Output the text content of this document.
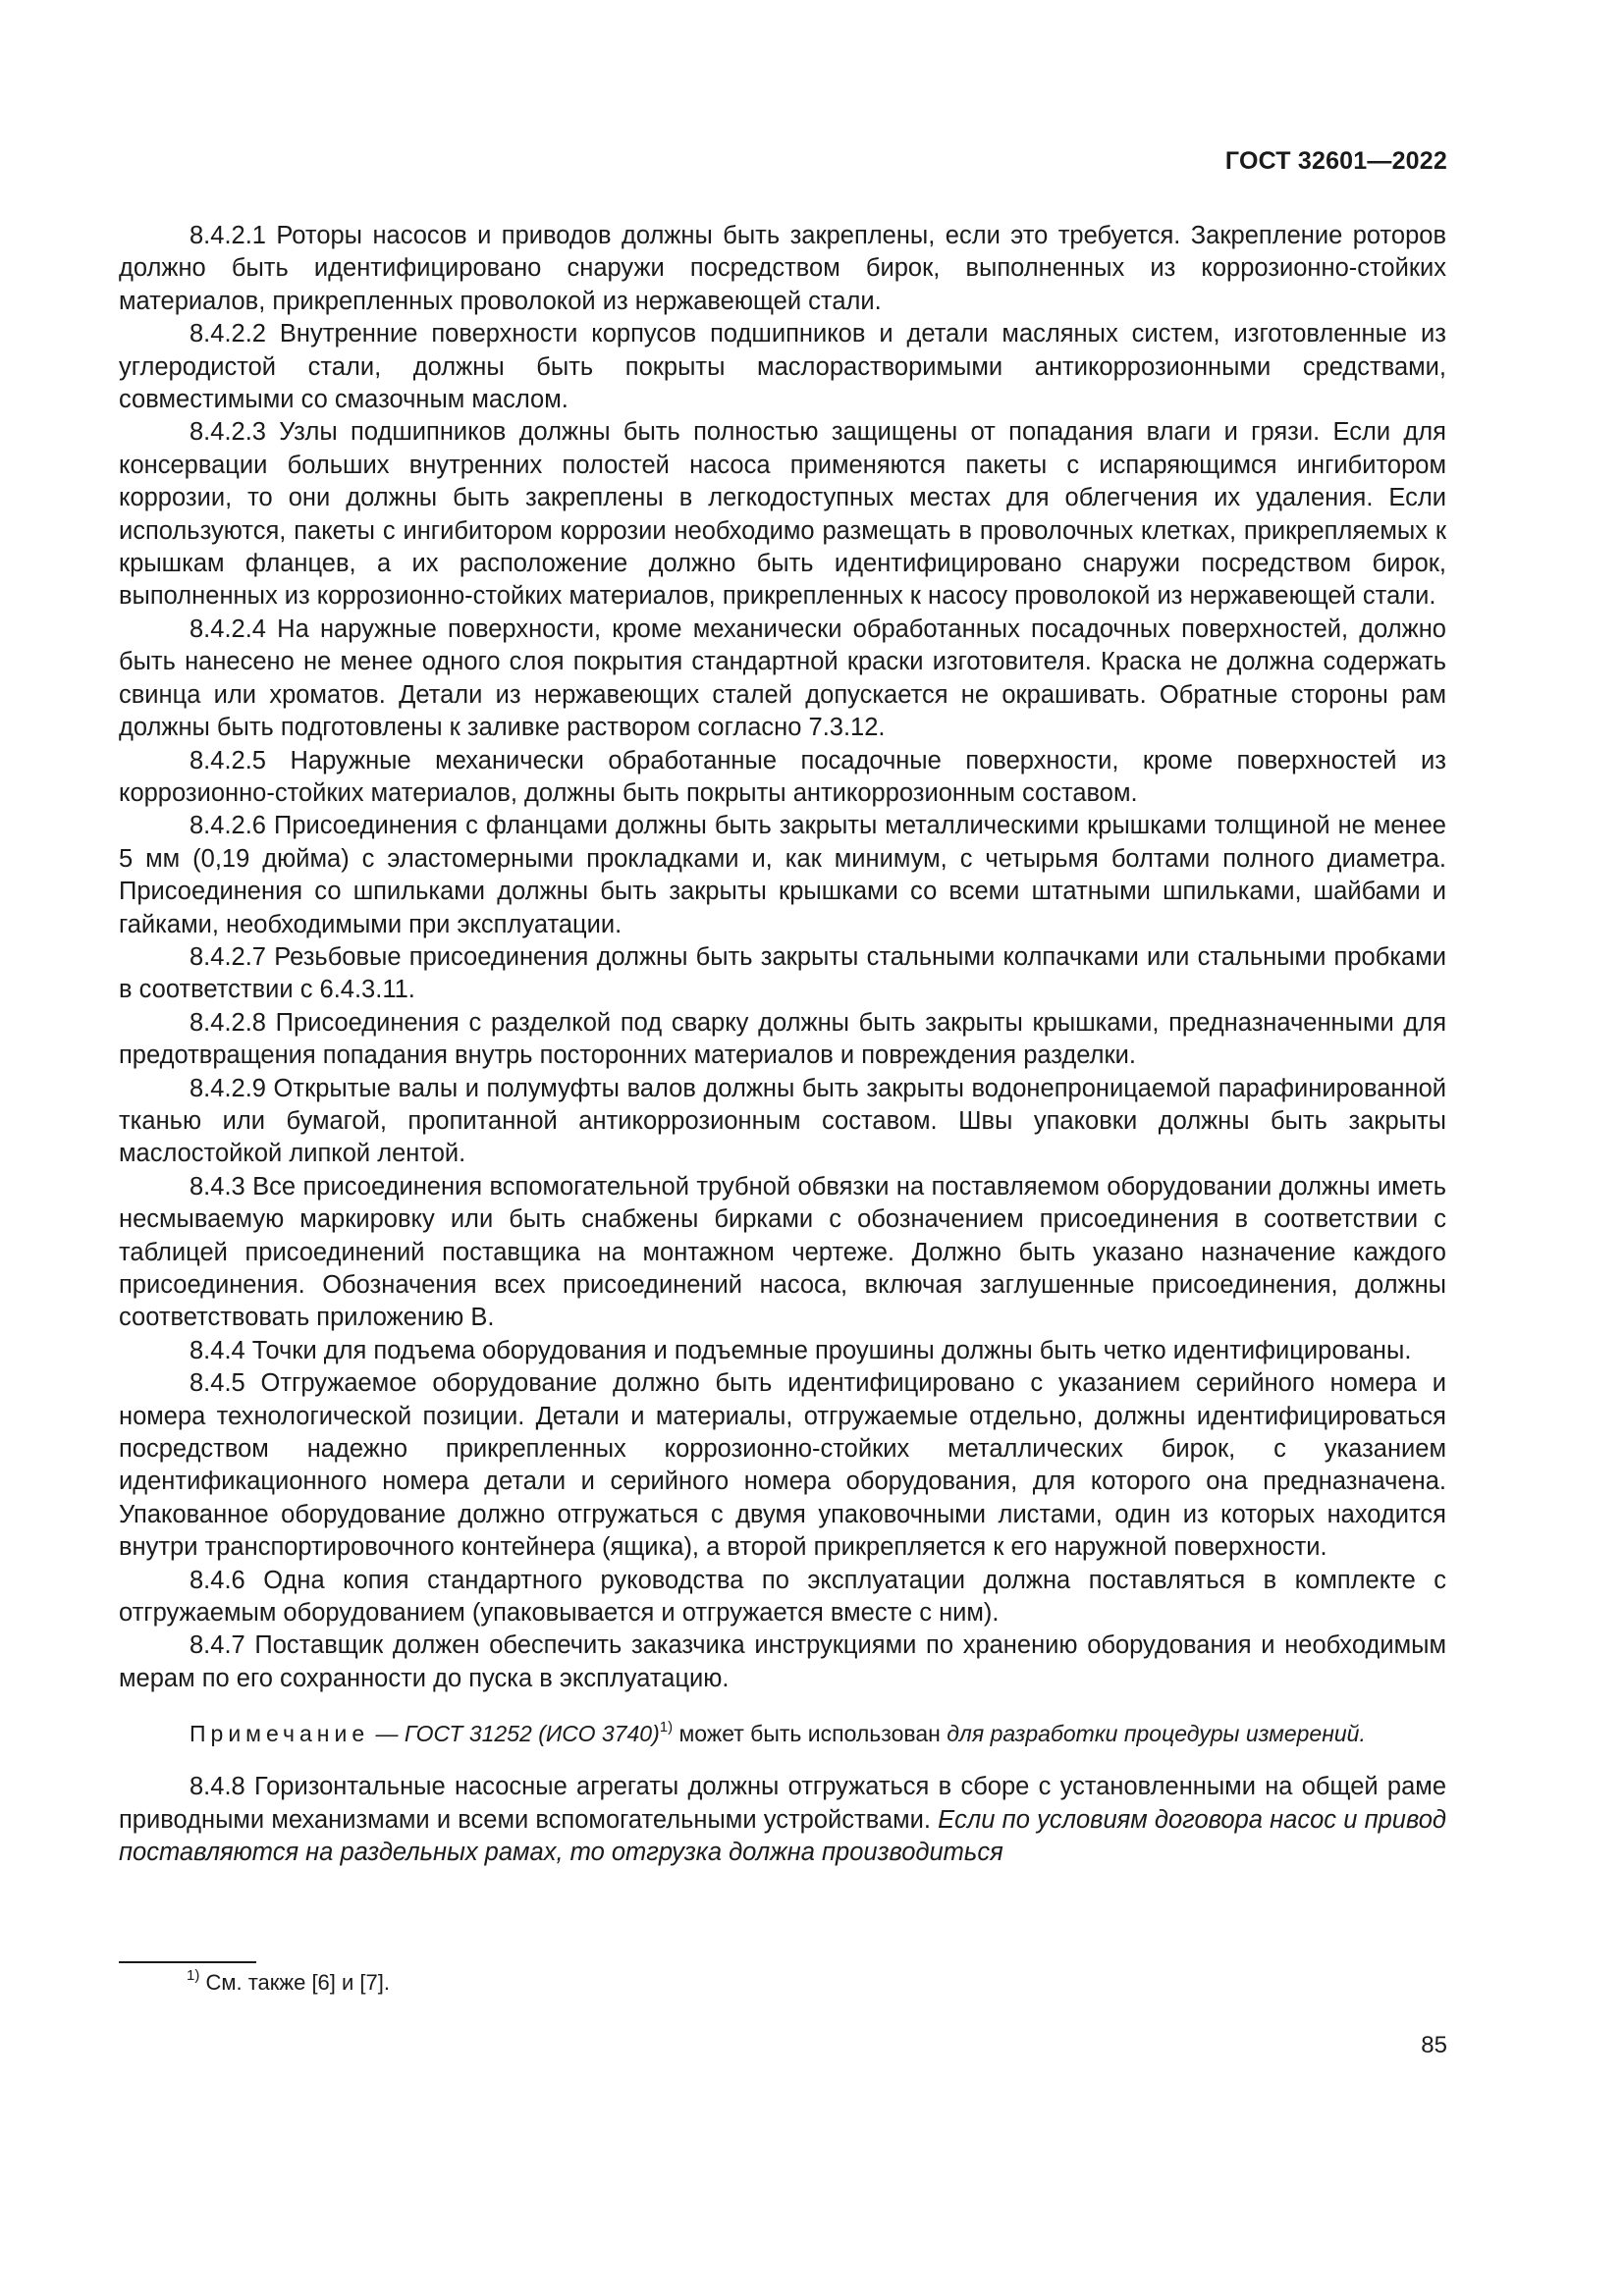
ГОСТ 32601—2022

8.4.2.1 Роторы насосов и приводов должны быть закреплены, если это требуется. Закрепление роторов должно быть идентифицировано снаружи посредством бирок, выполненных из коррозионно-стойких материалов, прикрепленных проволокой из нержавеющей стали.

8.4.2.2 Внутренние поверхности корпусов подшипников и детали масляных систем, изготовленные из углеродистой стали, должны быть покрыты маслорастворимыми антикоррозионными средствами, совместимыми со смазочным маслом.

8.4.2.3 Узлы подшипников должны быть полностью защищены от попадания влаги и грязи. Если для консервации больших внутренних полостей насоса применяются пакеты с испаряющимся ингибитором коррозии, то они должны быть закреплены в легкодоступных местах для облегчения их удаления. Если используются, пакеты с ингибитором коррозии необходимо размещать в проволочных клетках, прикрепляемых к крышкам фланцев, а их расположение должно быть идентифицировано снаружи посредством бирок, выполненных из коррозионно-стойких материалов, прикрепленных к насосу проволокой из нержавеющей стали.

8.4.2.4 На наружные поверхности, кроме механически обработанных посадочных поверхностей, должно быть нанесено не менее одного слоя покрытия стандартной краски изготовителя. Краска не должна содержать свинца или хроматов. Детали из нержавеющих сталей допускается не окрашивать. Обратные стороны рам должны быть подготовлены к заливке раствором согласно 7.3.12.

8.4.2.5 Наружные механически обработанные посадочные поверхности, кроме поверхностей из коррозионно-стойких материалов, должны быть покрыты антикоррозионным составом.

8.4.2.6 Присоединения с фланцами должны быть закрыты металлическими крышками толщиной не менее 5 мм (0,19 дюйма) с эластомерными прокладками и, как минимум, с четырьмя болтами полного диаметра. Присоединения со шпильками должны быть закрыты крышками со всеми штатными шпильками, шайбами и гайками, необходимыми при эксплуатации.

8.4.2.7 Резьбовые присоединения должны быть закрыты стальными колпачками или стальными пробками в соответствии с 6.4.3.11.

8.4.2.8 Присоединения с разделкой под сварку должны быть закрыты крышками, предназначенными для предотвращения попадания внутрь посторонних материалов и повреждения разделки.

8.4.2.9 Открытые валы и полумуфты валов должны быть закрыты водонепроницаемой парафинированной тканью или бумагой, пропитанной антикоррозионным составом. Швы упаковки должны быть закрыты маслостойкой липкой лентой.

8.4.3 Все присоединения вспомогательной трубной обвязки на поставляемом оборудовании должны иметь несмываемую маркировку или быть снабжены бирками с обозначением присоединения в соответствии с таблицей присоединений поставщика на монтажном чертеже. Должно быть указано назначение каждого присоединения. Обозначения всех присоединений насоса, включая заглушенные присоединения, должны соответствовать приложению В.

8.4.4 Точки для подъема оборудования и подъемные проушины должны быть четко идентифицированы.

8.4.5 Отгружаемое оборудование должно быть идентифицировано с указанием серийного номера и номера технологической позиции. Детали и материалы, отгружаемые отдельно, должны идентифицироваться посредством надежно прикрепленных коррозионно-стойких металлических бирок, с указанием идентификационного номера детали и серийного номера оборудования, для которого она предназначена. Упакованное оборудование должно отгружаться с двумя упаковочными листами, один из которых находится внутри транспортировочного контейнера (ящика), а второй прикрепляется к его наружной поверхности.

8.4.6 Одна копия стандартного руководства по эксплуатации должна поставляться в комплекте с отгружаемым оборудованием (упаковывается и отгружается вместе с ним).

8.4.7 Поставщик должен обеспечить заказчика инструкциями по хранению оборудования и необходимым мерам по его сохранности до пуска в эксплуатацию.

Примечание — ГОСТ 31252 (ИСО 3740)$^{1)}$ может быть использован для разработки процедуры измерений.

8.4.8 Горизонтальные насосные агрегаты должны отгружаться в сборе с установленными на общей раме приводными механизмами и всеми вспомогательными устройствами. Если по условиям договора насос и привод поставляются на раздельных рамах, то отгрузка должна производиться

$^{1)}$ См. также [6] и [7].
85
